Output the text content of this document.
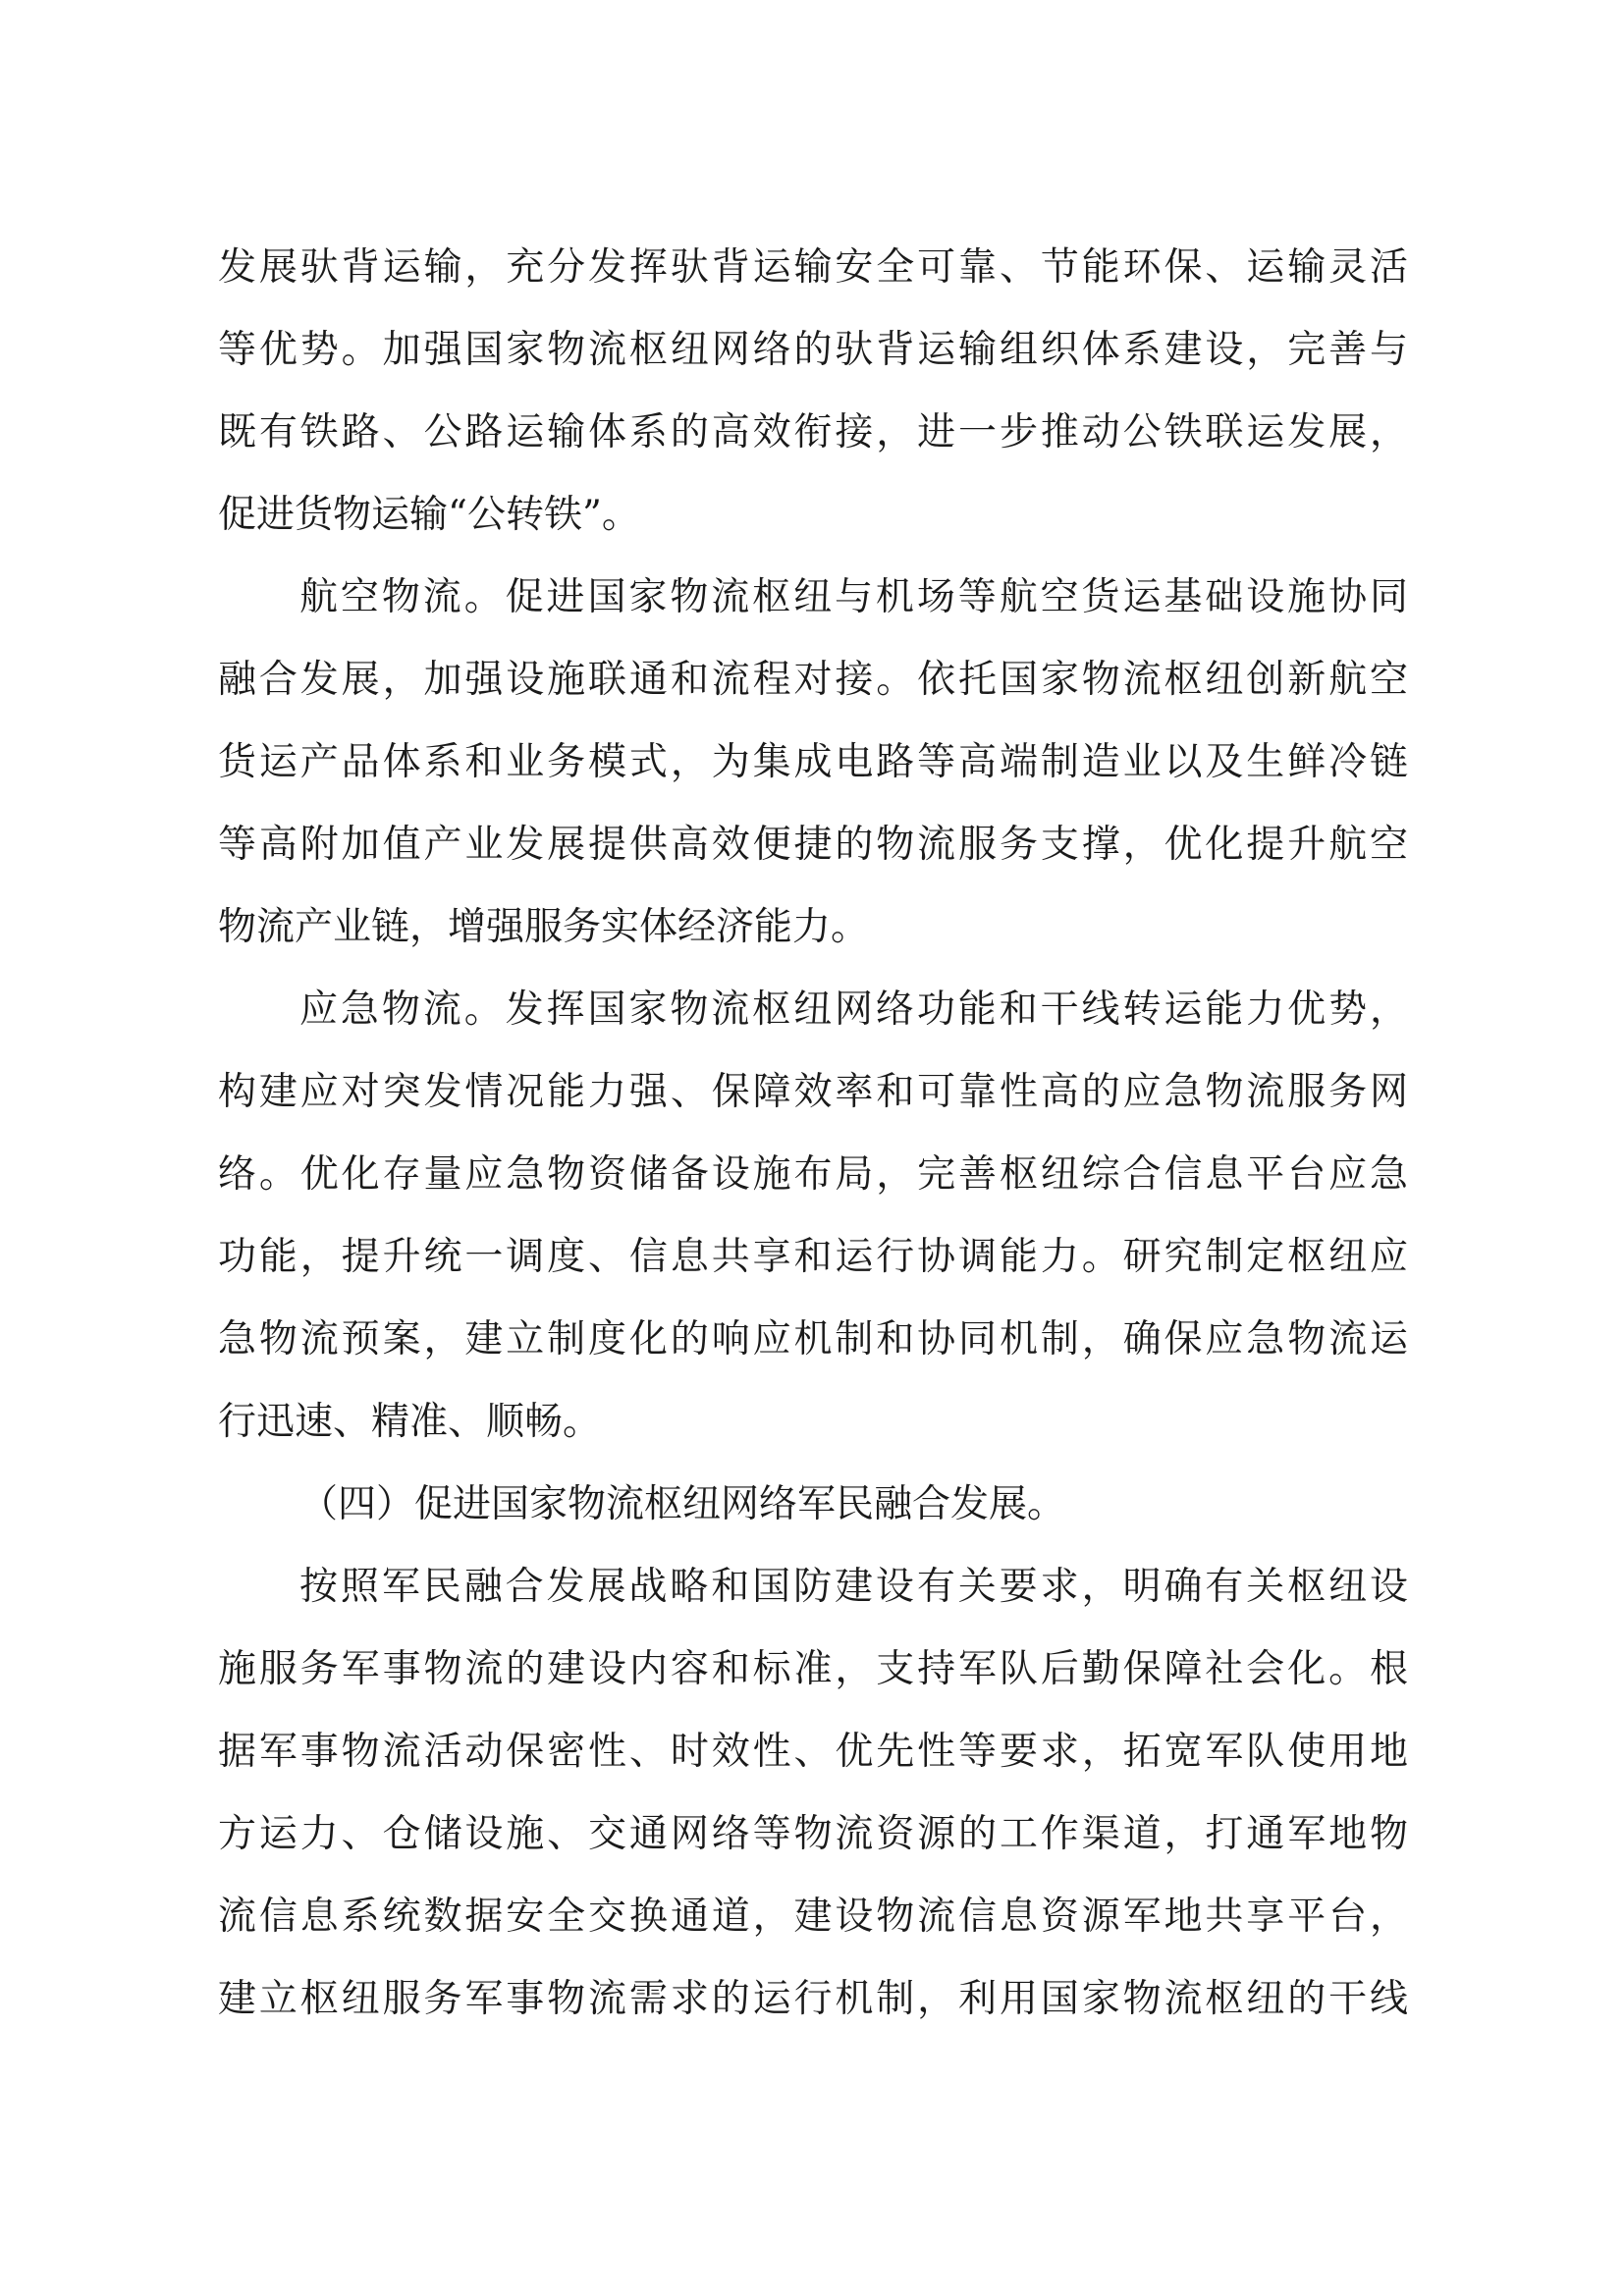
发展驮背运输，充分发挥驮背运输安全可靠、节能环保、运输灵活
等优势。加强国家物流枢纽网络的驮背运输组织体系建设，完善与
既有铁路、公路运输体系的高效衔接，进一步推动公铁联运发展，
促进货物运输“公转铁”。
航空物流。促进国家物流枢纽与机场等航空货运基础设施协同
融合发展，加强设施联通和流程对接。依托国家物流枢纽创新航空
货运产品体系和业务模式，为集成电路等高端制造业以及生鲜冷链
等高附加值产业发展提供高效便捷的物流服务支撑，优化提升航空
物流产业链，增强服务实体经济能力。
应急物流。发挥国家物流枢纽网络功能和干线转运能力优势，
构建应对突发情况能力强、保障效率和可靠性高的应急物流服务网
络。优化存量应急物资储备设施布局，完善枢纽综合信息平台应急
功能，提升统一调度、信息共享和运行协调能力。研究制定枢纽应
急物流预案，建立制度化的响应机制和协同机制，确保应急物流运
行迅速、精准、顺畅。
（四）促进国家物流枢纽网络军民融合发展。
按照军民融合发展战略和国防建设有关要求，明确有关枢纽设
施服务军事物流的建设内容和标准，支持军队后勤保障社会化。根
据军事物流活动保密性、时效性、优先性等要求，拓宽军队使用地
方运力、仓储设施、交通网络等物流资源的工作渠道，打通军地物
流信息系统数据安全交换通道，建设物流信息资源军地共享平台，
建立枢纽服务军事物流需求的运行机制，利用国家物流枢纽的干线
